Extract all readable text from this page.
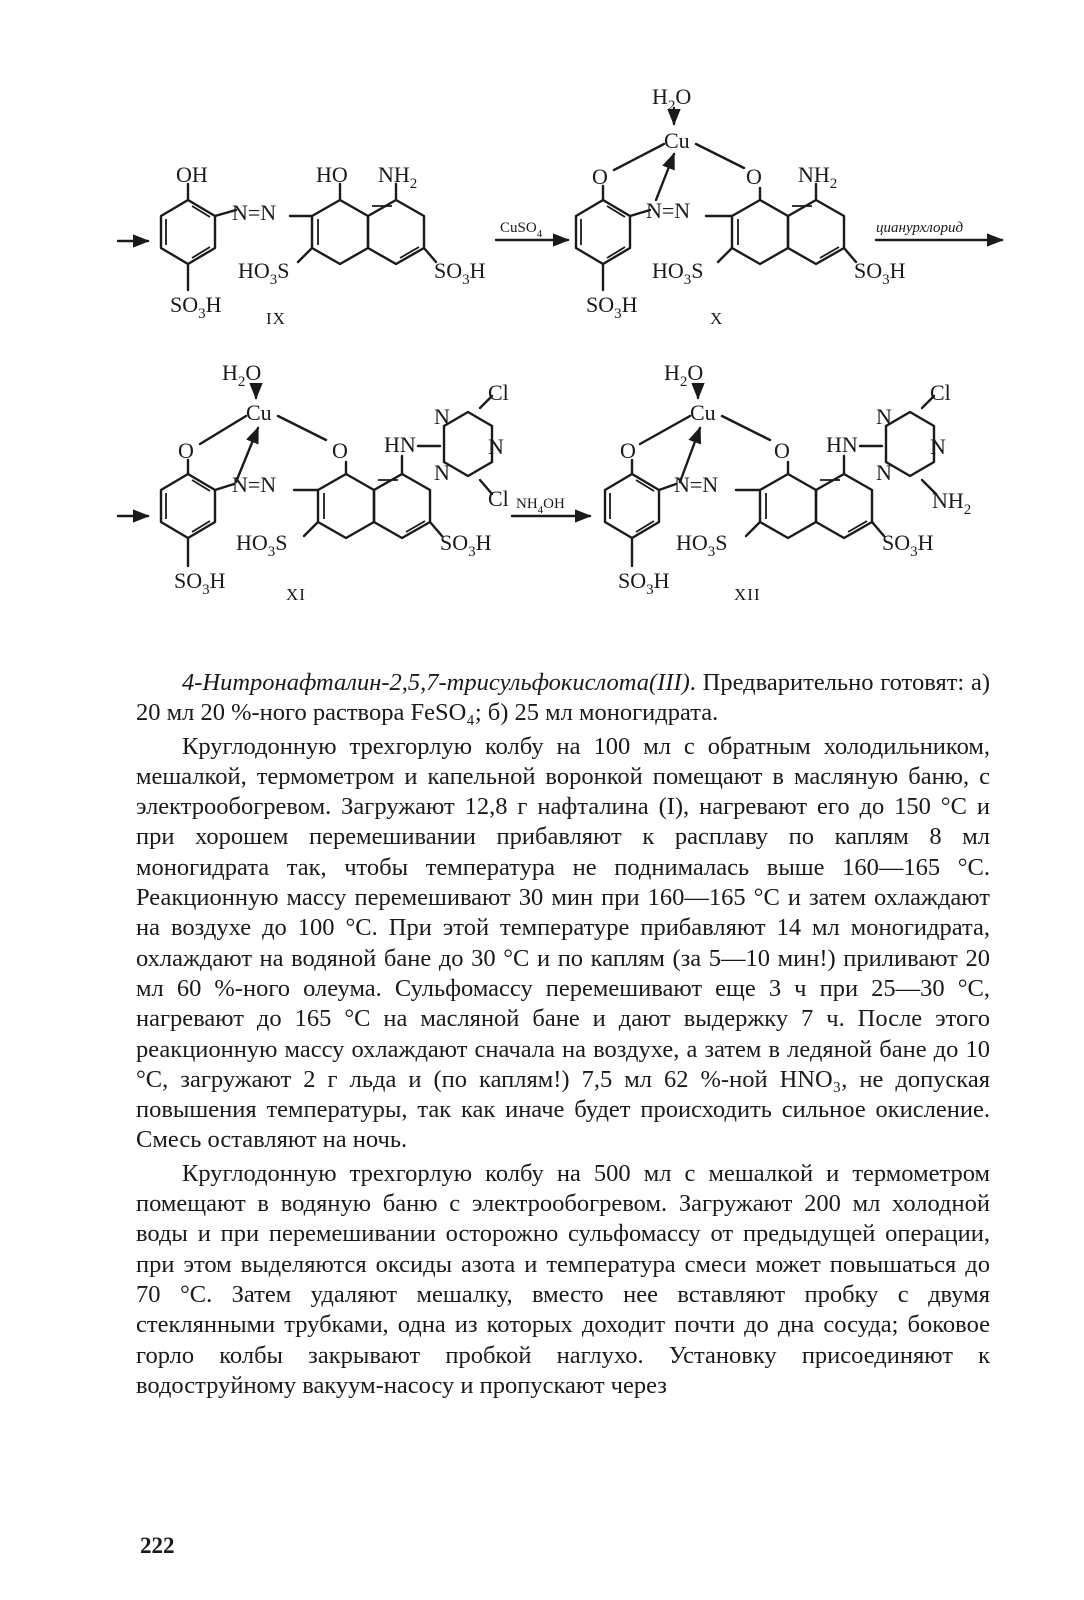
OH
N=N
$SO_3H$
HO $NH_2$
$HO_3S$	$SO_3H$
IX
CuSO$_4$
$H_2O$
Cu
O	O
N=N
$SO_3H$
$NH_2$
$HO_3S$	$SO_3H$
X
цианурхлорид
$H_2O$
Cu
O	O
N=N
$SO_3H$
$HO_3S$	$SO_3H$
HN
N
N
N
Cl
Cl
XI
$NH_4OH$
$H_2O$
Cu
O	O
N=N
$SO_3H$
$HO_3S$	$SO_3H$
HN
N
N
N
Cl
$NH_2$
XII

4-Нитронафталин-2,5,7-трисульфокислота(III). Предварительно готовят: а) 20 мл 20 %-ного раствора FeSO₄; б) 25 мл моногидрата.

Круглодонную трехгорлую колбу на 100 мл с обратным холодильником, мешалкой, термометром и капельной воронкой помещают в масляную баню, с электрообогревом. Загружают 12,8 г нафталина (I), нагревают его до 150 °С и при хорошем перемешивании прибавляют к расплаву по каплям 8 мл моногидрата так, чтобы температура не поднималась выше 160—165 °С. Реакционную массу перемешивают 30 мин при 160—165 °С и затем охлаждают на воздухе до 100 °С. При этой температуре прибавляют 14 мл моногидрата, охлаждают на водяной бане до 30 °С и по каплям (за 5—10 мин!) приливают 20 мл 60 %-ного олеума. Сульфомассу перемешивают еще 3 ч при 25—30 °С, нагревают до 165 °С на масляной бане и дают выдержку 7 ч. После этого реакционную массу охлаждают сначала на воздухе, а затем в ледяной бане до 10 °С, загружают 2 г льда и (по каплям!) 7,5 мл 62 %-ной HNO₃, не допуская повышения температуры, так как иначе будет происходить сильное окисление. Смесь оставляют на ночь.

Круглодонную трехгорлую колбу на 500 мл с мешалкой и термометром помещают в водяную баню с электрообогревом. Загружают 200 мл холодной воды и при перемешивании осторожно сульфомассу от предыдущей операции, при этом выделяются оксиды азота и температура смеси может повышаться до 70 °С. Затем удаляют мешалку, вместо нее вставляют пробку с двумя стеклянными трубками, одна из которых доходит почти до дна сосуда; боковое горло колбы закрывают пробкой наглухо. Установку присоединяют к водоструйному вакуум-насосу и пропускают через

222
